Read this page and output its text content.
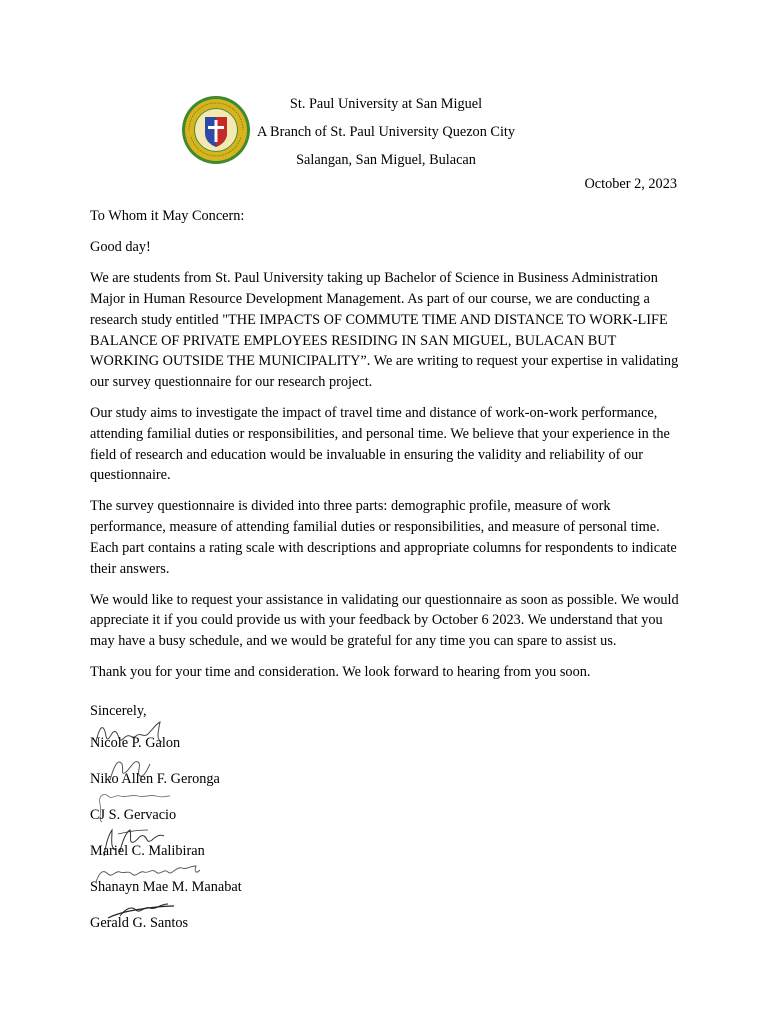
St. Paul University at San Miguel
A Branch of St. Paul University Quezon City
Salangan, San Miguel, Bulacan
October 2, 2023

To Whom it May Concern:

Good day!

We are students from St. Paul University taking up Bachelor of Science in Business Administration Major in Human Resource Development Management. As part of our course, we are conducting a research study entitled "THE IMPACTS OF COMMUTE TIME AND DISTANCE TO WORK-LIFE BALANCE OF PRIVATE EMPLOYEES RESIDING IN SAN MIGUEL, BULACAN BUT WORKING OUTSIDE THE MUNICIPALITY”. We are writing to request your expertise in validating our survey questionnaire for our research project.

Our study aims to investigate the impact of travel time and distance of work-on-work performance, attending familial duties or responsibilities, and personal time. We believe that your experience in the field of research and education would be invaluable in ensuring the validity and reliability of our questionnaire.

The survey questionnaire is divided into three parts: demographic profile, measure of work performance, measure of attending familial duties or responsibilities, and measure of personal time. Each part contains a rating scale with descriptions and appropriate columns for respondents to indicate their answers.

We would like to request your assistance in validating our questionnaire as soon as possible. We would appreciate it if you could provide us with your feedback by October 6 2023. We understand that you may have a busy schedule, and we would be grateful for any time you can spare to assist us.

Thank you for your time and consideration. We look forward to hearing from you soon.

Sincerely,
Nicole P. Galon
Niko Allen F. Geronga
CJ S. Gervacio
Mariel C. Malibiran
Shanayn Mae M. Manabat
Gerald G. Santos
